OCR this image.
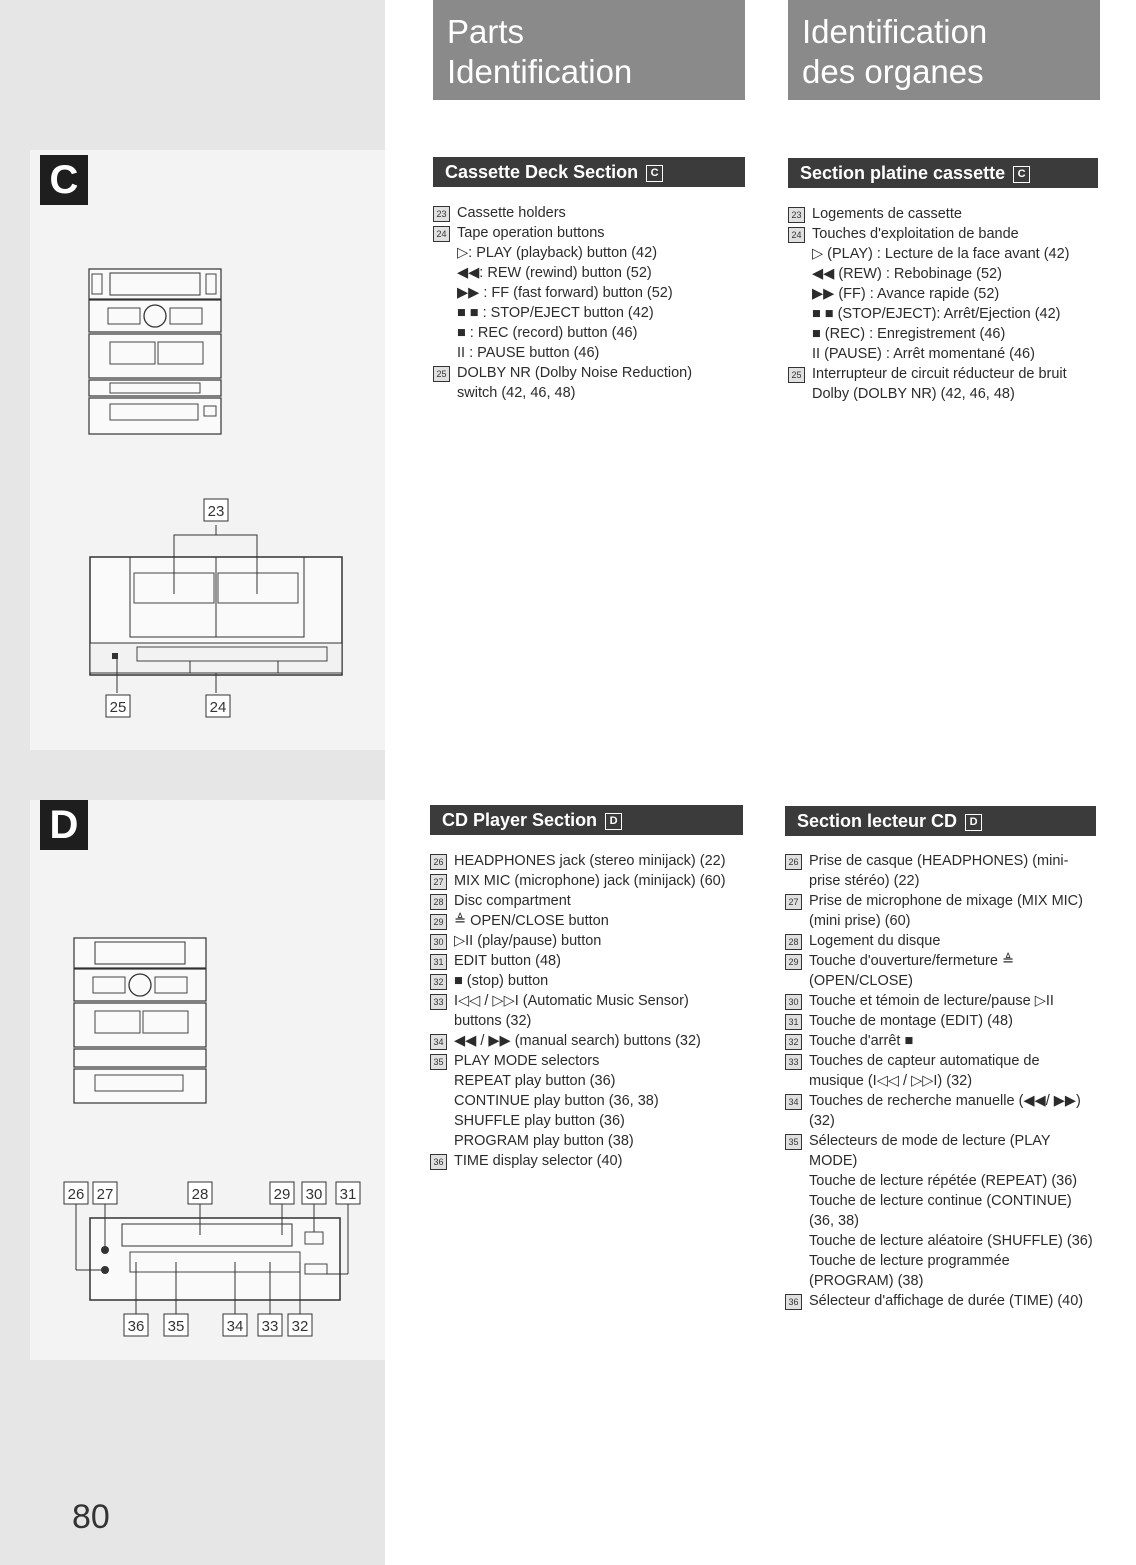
C
D
23
25	24
26 27	28	29 30 31
36 35	34 33 32
80
Parts
Identification
Identification
des organes
Cassette Deck Section C	Section platine cassette C
23 Cassette holders
24 Tape operation buttons
▷: PLAY (playback) button (42)
◀◀: REW (rewind) button (52)
▶▶ : FF (fast forward) button (52)
■ ■ : STOP/EJECT button (42)
■ : REC (record) button (46)
II : PAUSE button (46)
25 DOLBY NR (Dolby Noise Reduction) switch (42, 46, 48)
23 Logements de cassette
24 Touches d'exploitation de bande
▷ (PLAY) : Lecture de la face avant (42)
◀◀ (REW) : Rebobinage (52)
▶▶ (FF) : Avance rapide (52)
■ ■ (STOP/EJECT): Arrêt/Ejection (42)
■ (REC) : Enregistrement (46)
II (PAUSE) : Arrêt momentané (46)
25 Interrupteur de circuit réducteur de bruit Dolby (DOLBY NR) (42, 46, 48)
CD Player Section D	Section lecteur CD D
26 HEADPHONES jack (stereo minijack) (22)
27 MIX MIC (microphone) jack (minijack) (60)
28 Disc compartment
29 ≜ OPEN/CLOSE button
30 ▷II (play/pause) button
31 EDIT button (48)
32 ■ (stop) button
33 I◁◁ / ▷▷I (Automatic Music Sensor) buttons (32)
34 ◀◀ / ▶▶ (manual search) buttons (32)
35 PLAY MODE selectors
REPEAT play button (36)
CONTINUE play button (36, 38)
SHUFFLE play button (36)
PROGRAM play button (38)
36 TIME display selector (40)
26 Prise de casque (HEADPHONES) (mini-prise stéréo) (22)
27 Prise de microphone de mixage (MIX MIC) (mini prise) (60)
28 Logement du disque
29 Touche d'ouverture/fermeture ≜ (OPEN/CLOSE)
30 Touche et témoin de lecture/pause ▷II
31 Touche de montage (EDIT) (48)
32 Touche d'arrêt ■
33 Touches de capteur automatique de musique (I◁◁ / ▷▷I) (32)
34 Touches de recherche manuelle (◀◀/ ▶▶) (32)
35 Sélecteurs de mode de lecture (PLAY MODE)
Touche de lecture répétée (REPEAT) (36)
Touche de lecture continue (CONTINUE) (36, 38)
Touche de lecture aléatoire (SHUFFLE) (36)
Touche de lecture programmée (PROGRAM) (38)
36 Sélecteur d'affichage de durée (TIME) (40)
